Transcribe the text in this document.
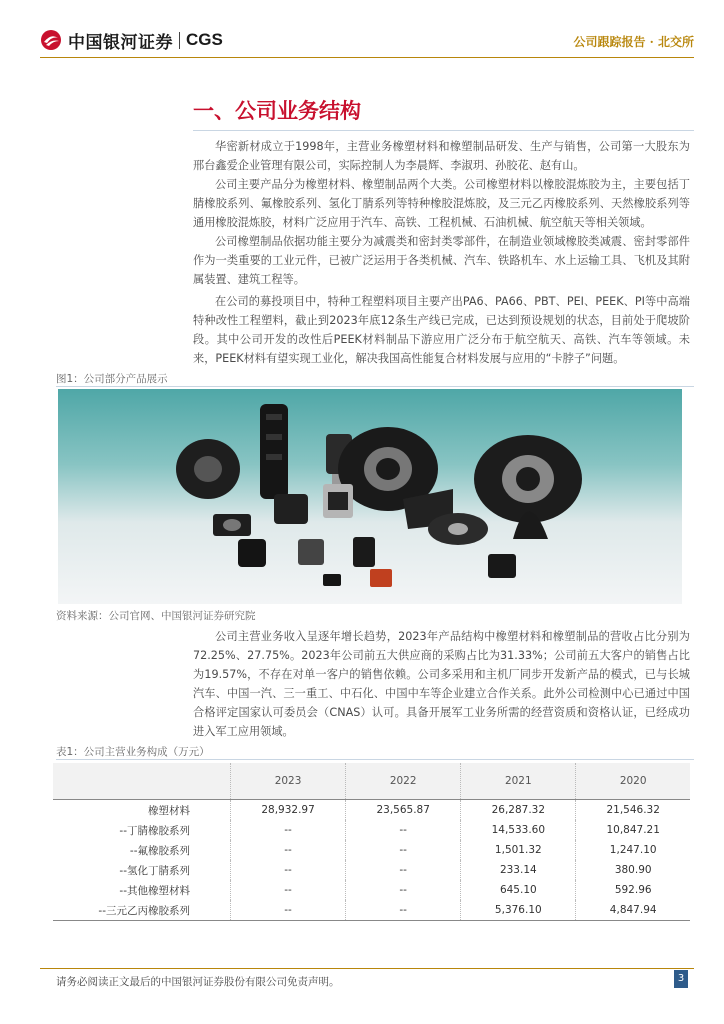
中国银河证券 CGS	公司跟踪报告 · 北交所
一、公司业务结构

华密新材成立于1998年，主营业务橡塑材料和橡塑制品研发、生产与销售，公司第一大股东为邢台鑫爱企业管理有限公司，实际控制人为李晨辉、李淑玥、孙胶花、赵有山。

公司主要产品分为橡塑材料、橡塑制品两个大类。公司橡塑材料以橡胶混炼胶为主，主要包括丁腈橡胶系列、氟橡胶系列、氢化丁腈系列等特种橡胶混炼胶，及三元乙丙橡胶系列、天然橡胶系列等通用橡胶混炼胶，材料广泛应用于汽车、高铁、工程机械、石油机械、航空航天等相关领域。

公司橡塑制品依据功能主要分为减震类和密封类零部件，在制造业领域橡胶类减震、密封零部件作为一类重要的工业元件，已被广泛运用于各类机械、汽车、铁路机车、水上运输工具、飞机及其附属装置、建筑工程等。

在公司的募投项目中，特种工程塑料项目主要产出PA6、PA66、PBT、PEI、PEEK、PI等中高端特种改性工程塑料，截止到2023年底12条生产线已完成，已达到预设规划的状态，目前处于爬坡阶段。其中公司开发的改性后PEEK材料制品下游应用广泛分布于航空航天、高铁、汽车等领域。未来，PEEK材料有望实现工业化，解决我国高性能复合材料发展与应用的“卡脖子”问题。

图1：公司部分产品展示
资料来源：公司官网、中国银河证券研究院

公司主营业务收入呈逐年增长趋势，2023年产品结构中橡塑材料和橡塑制品的营收占比分别为72.25%、27.75%。2023年公司前五大供应商的采购占比为31.33%；公司前五大客户的销售占比为19.57%，不存在对单一客户的销售依赖。公司多采用和主机厂同步开发新产品的模式，已与长城汽车、中国一汽、三一重工、中石化、中国中车等企业建立合作关系。此外公司检测中心已通过中国合格评定国家认可委员会（CNAS）认可。具备开展军工业务所需的经营资质和资格认证，已经成功进入军工应用领域。

表1：公司主营业务构成（万元）
	2023	2022	2021	2020
橡塑材料	28,932.97	23,565.87	26,287.32	21,546.32
--丁腈橡胶系列	--	--	14,533.60	10,847.21
--氟橡胶系列	--	--	1,501.32	1,247.10
--氢化丁腈系列	--	--	233.14	380.90
--其他橡塑材料	--	--	645.10	592.96
--三元乙丙橡胶系列	--	--	5,376.10	4,847.94
请务必阅读正文最后的中国银河证券股份有限公司免责声明。	3
